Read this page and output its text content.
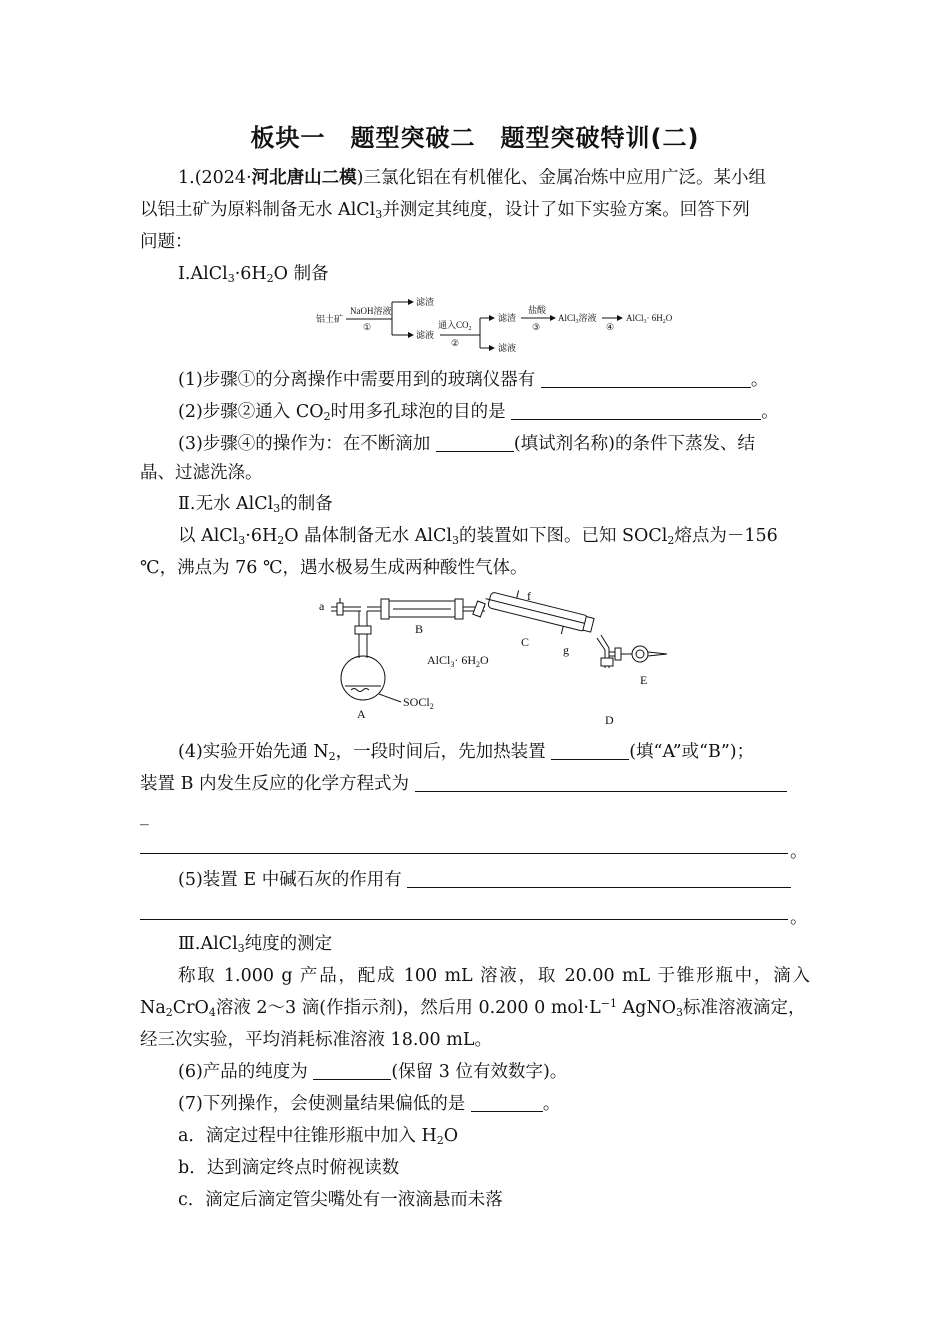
板块一　题型突破二　题型突破特训(二)
1.(2024·河北唐山二模)三氯化铝在有机催化、金属冶炼中应用广泛。某小组
以铝土矿为原料制备无水 AlCl$_3$并测定其纯度，设计了如下实验方案。回答下列
问题：
$Ⅰ.AlCl_3\cdot 6H_2O$ 制备
铝土矿
NaOH溶液
①
滤渣
滤液
通入$CO_2$
②
滤渣
滤液
盐酸
③
AlCl$_3$溶液
④
AlCl$_3$· $6H_2O$
(1)步骤①的分离操作中需要用到的玻璃仪器有	。
(2)步骤②通入 $CO_2$时用多孔球泡的目的是	。
(3)步骤④的操作为：在不断滴加	(填试剂名称)的条件下蒸发、结
晶、过滤洗涤。
Ⅱ.无水 AlCl$_3$的制备
以 $AlCl_3\cdot 6H_2O$ 晶体制备无水 AlCl$_3$的装置如下图。已知 SOCl$_2$熔点为－156
℃，沸点为 76 ℃，遇水极易生成两种酸性气体。
a
B
f
C
g
E
A	D
AlCl$_3$· $6H_2O$
SOCl$_2$
(4)实验开始先通 $N_2$，一段时间后，先加热装置	(填“A”或“B”)；
装置 B 内发生反应的化学方程式为
_
。
(5)装置 E 中碱石灰的作用有
。
Ⅲ.AlCl$_3$纯度的测定
称取 1.000 g 产品，配成 100 mL 溶液，取 20.00 mL 于锥形瓶中，滴入
$Na_2CrO_4$溶液 2～3 滴(作指示剂)，然后用 0.200 0 $mol\cdot L^{-1}$ AgNO$_3$标准溶液滴定，
经三次实验，平均消耗标准溶液 18.00 mL。
(6)产品的纯度为	(保留 3 位有效数字)。
(7)下列操作，会使测量结果偏低的是	。
a．滴定过程中往锥形瓶中加入 $H_2O$
b．达到滴定终点时俯视读数
c．滴定后滴定管尖嘴处有一液滴悬而未落
